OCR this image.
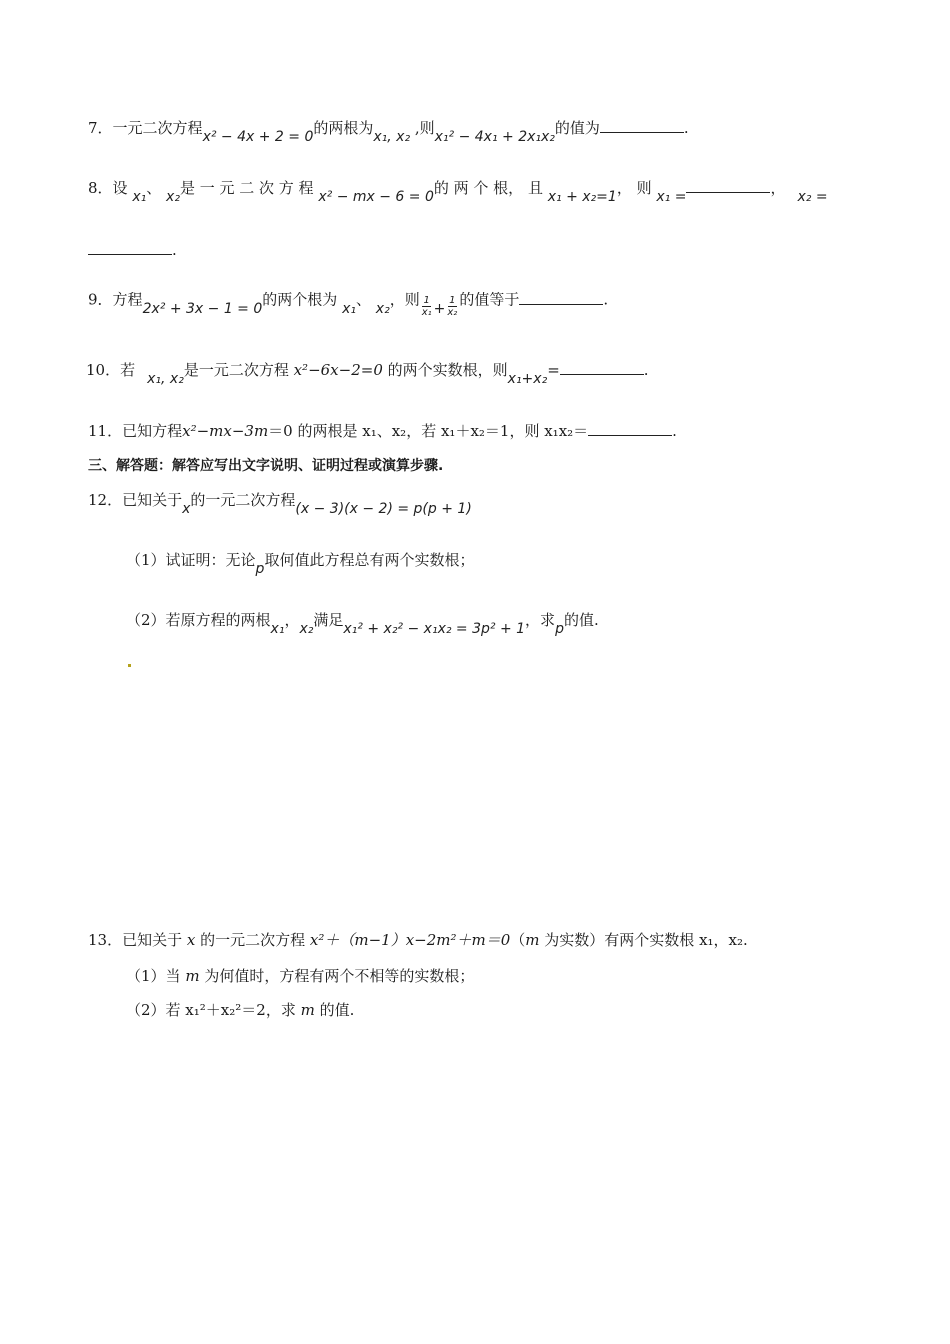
7．一元二次方程x² − 4x + 2 = 0的两根为x₁, x₂ ,则x₁² − 4x₁ + 2x₁x₂的值为	.
8．设 x₁、 x₂是 一 元 二 次 方 程 x² − mx − 6 = 0的 两 个 根， 且 x₁ + x₂=1， 则 x₁ =	， x₂ =
.
9．方程2x² + 3x − 1 = 0的两个根为 x₁、 x₂，则 $\frac{1}{\text{x₁}} + \frac{1}{\text{x₂}}$ 的值等于	.
10．若 x₁, x₂是一元二次方程 x²−6x−2=0 的两个实数根，则x₁+x₂=	.
11．已知方程x²−mx−3m＝0 的两根是 x₁、x₂，若 x₁＋x₂＝1，则 x₁x₂＝	.
三、解答题：解答应写出文字说明、证明过程或演算步骤.
12．已知关于x的一元二次方程(x − 3)(x − 2) = p(p + 1)
（1）试证明：无论p取何值此方程总有两个实数根；
（2）若原方程的两根x₁，x₂满足x₁² + x₂² − x₁x₂ = 3p² + 1，求p的值.
13．已知关于 x 的一元二次方程 x²＋（m−1）x−2m²＋m＝0（m 为实数）有两个实数根 x₁，x₂.
（1）当 m 为何值时，方程有两个不相等的实数根；
（2）若 x₁²＋x₂²＝2，求 m 的值.
